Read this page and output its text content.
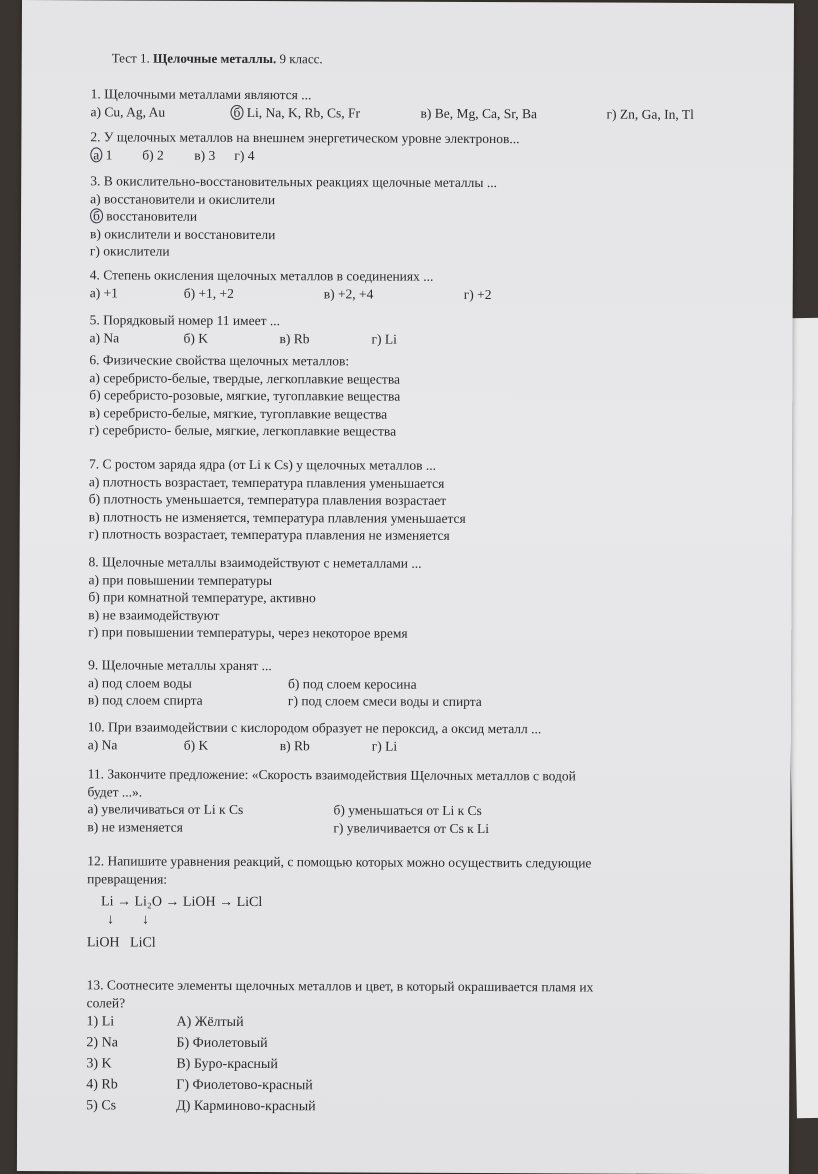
Тест 1. Щелочные металлы. 9 класс.
1. Щелочными металлами являются ...
а) Cu, Ag, Au	б Li, Na, K, Rb, Cs, Fr	в) Be, Mg, Ca, Sr, Ba	г) Zn, Ga, In, Tl
2. У щелочных металлов на внешнем энергетическом уровне электронов...
а 1	б) 2	в) 3	г) 4
3. В окислительно-восстановительных реакциях щелочные металлы ...
а) восстановители и окислители
б восстановители
в) окислители и восстановители
г) окислители
4. Степень окисления щелочных металлов в соединениях ...
а) +1	б) +1, +2	в) +2, +4	г) +2
5. Порядковый номер 11 имеет ...
а) Na	б) K	в) Rb	г) Li
6. Физические свойства щелочных металлов:
а) серебристо-белые, твердые, легкоплавкие вещества
б) серебристо-розовые, мягкие, тугоплавкие вещества
в) серебристо-белые, мягкие, тугоплавкие вещества
г) серебристо- белые, мягкие, легкоплавкие вещества
7. С ростом заряда ядра (от Li к Cs) у щелочных металлов ...
а) плотность возрастает, температура плавления уменьшается
б) плотность уменьшается, температура плавления возрастает
в) плотность не изменяется, температура плавления уменьшается
г) плотность возрастает, температура плавления не изменяется
8. Щелочные металлы взаимодействуют с неметаллами ...
а) при повышении температуры
б) при комнатной температуре, активно
в) не взаимодействуют
г) при повышении температуры, через некоторое время
9. Щелочные металлы хранят ...
а) под слоем воды	б) под слоем керосина
в) под слоем спирта	г) под слоем смеси воды и спирта
10. При взаимодействии с кислородом образует не пероксид, а оксид металл ...
а) Na	б) K	в) Rb	г) Li
11. Закончите предложение: «Скорость взаимодействия Щелочных металлов с водой
будет ...».
а) увеличиваться от Li к Cs	б) уменьшаться от Li к Cs
в) не изменяется	г) увеличивается от Cs к Li
12. Напишите уравнения реакций, с помощью которых можно осуществить следующие
превращения:
Li → Li₂O → LiOH → LiCl
↓        ↓
LiOH   LiCl
13. Соотнесите элементы щелочных металлов и цвет, в который окрашивается пламя их
солей?
1) Li	А) Жёлтый
2) Na	Б) Фиолетовый
3) K	В) Буро-красный
4) Rb	Г) Фиолетово-красный
5) Cs	Д) Карминово-красный
